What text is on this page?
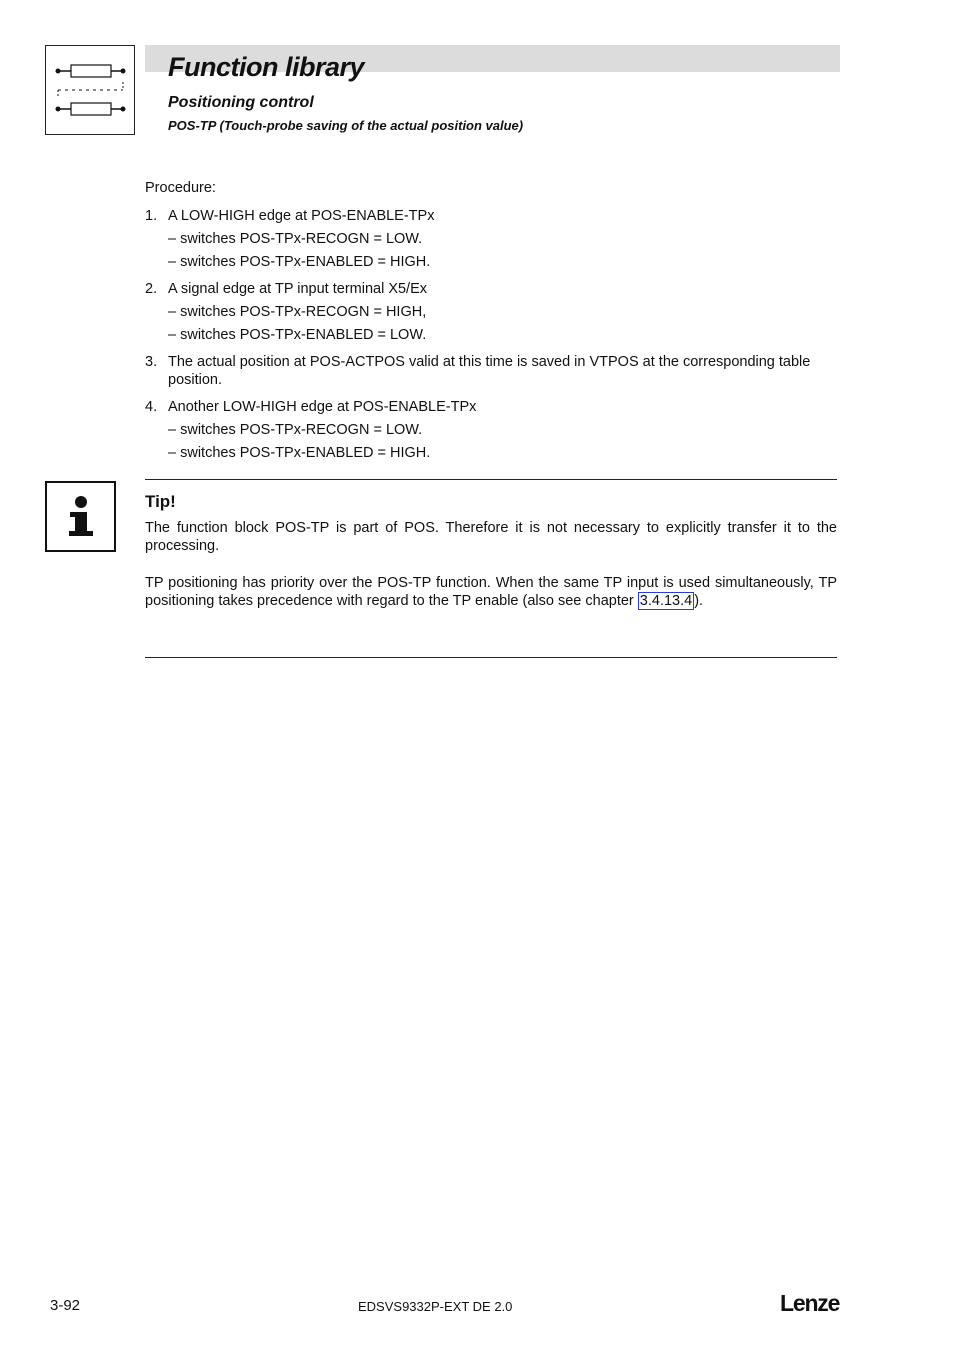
Function library
Positioning control
POS-TP (Touch-probe saving of the actual position value)

Procedure:

1. A LOW-HIGH edge at POS-ENABLE-TPx
– switches POS-TPx-RECOGN = LOW.
– switches POS-TPx-ENABLED = HIGH.
2. A signal edge at TP input terminal X5/Ex
– switches POS-TPx-RECOGN = HIGH,
– switches POS-TPx-ENABLED = LOW.
3. The actual position at POS-ACTPOS valid at this time is saved in VTPOS at the corresponding table position.
4. Another LOW-HIGH edge at POS-ENABLE-TPx
– switches POS-TPx-RECOGN = LOW.
– switches POS-TPx-ENABLED = HIGH.

Tip!

The function block POS-TP is part of POS. Therefore it is not necessary to explicitly transfer it to the processing.

TP positioning has priority over the POS-TP function. When the same TP input is used simultaneously, TP positioning takes precedence with regard to the TP enable (also see chapter 3.4.13.4 ).

3-92	EDSVS9332P-EXT DE 2.0	Lenze
